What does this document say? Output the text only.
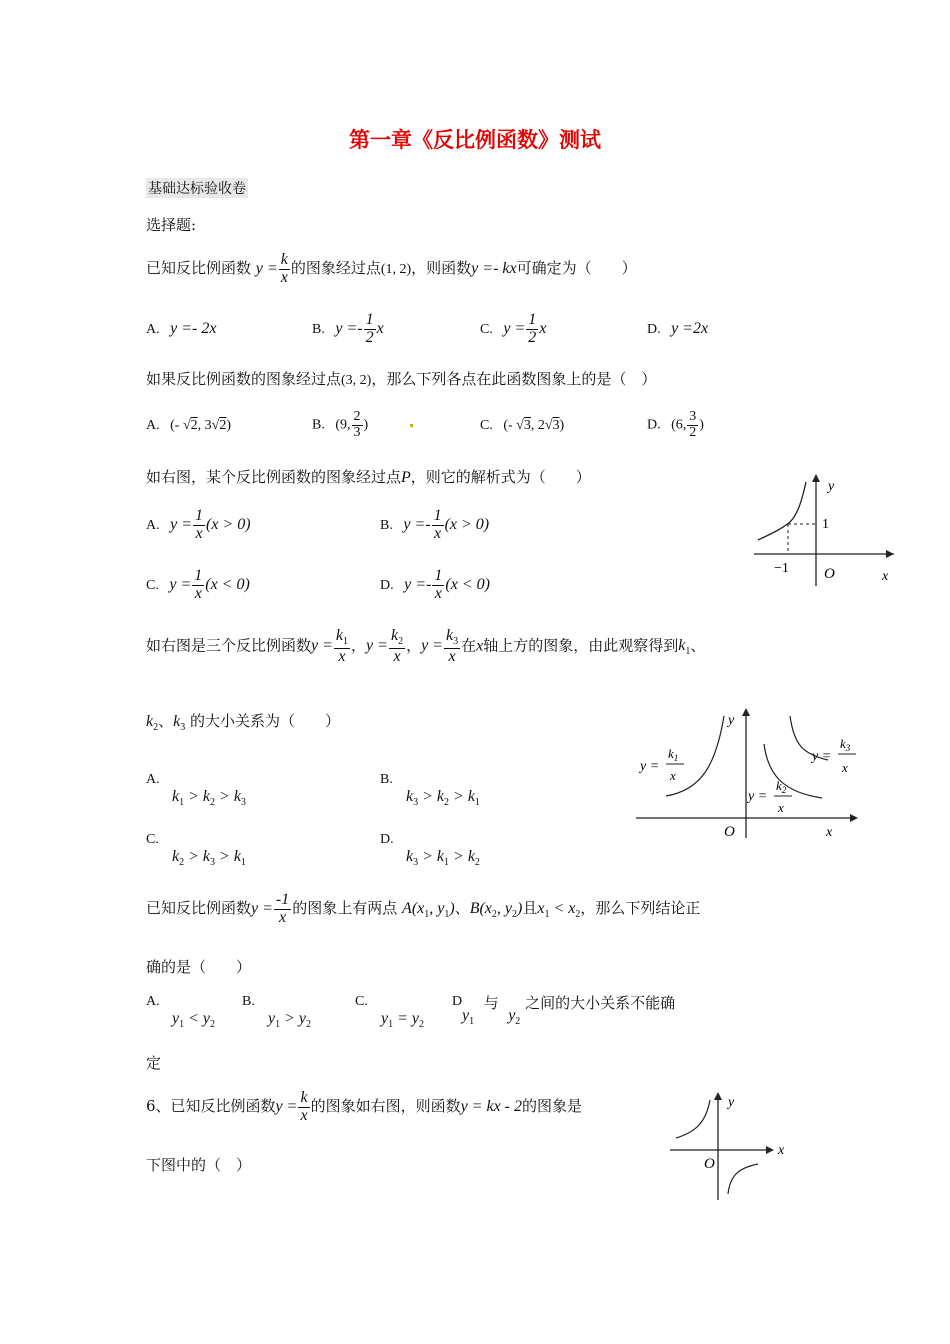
第一章《反比例函数》测试
基础达标验收卷
选择题:
已知反比例函数 $y = \frac{k}{x}$ 的图象经过点(1, 2)，则函数y =- kx可确定为（　　）
A. y =- 2x	B. $y =- \frac{1}{2}$ x	C. $y = \frac{1}{2}$ x	D. y =2x
如果反比例函数的图象经过点(3, 2)，那么下列各点在此函数图象上的是（　）
A.   (- √2, 3√2)	B.   (9, $\frac{2}{3}$ )	C.   (- √3, 2√3)	D.   (6, $\frac{3}{2}$ )
如右图，某个反比例函数的图象经过点P，则它的解析式为（　　）
A. $y = \frac{1}{x} (x > 0)$	B. $y =- \frac{1}{x} (x > 0)$
C. $y = \frac{1}{x} (x < 0)$	D. $y =- \frac{1}{x} (x < 0)$
y
1
−1 O	x
如右图是三个反比例函数$y = \frac{k_1}{x}$ ，$y = \frac{k_2}{x}$ ，$y = \frac{k_3}{x}$ 在x轴上方的图象，由此观察得到$k_1$、
$k_2$、$k_3$ 的大小关系为（　　）
A.
$k_1 > k_2 > k_3$
B.
$k_3 > k_2 > k_1$
C.
$k_2 > k_3 > k_1$
D.
$k_3 > k_1 > k_2$
y =
$k_1$
x
y =
$k_2$
x
y =
$k_3$
x
y
O	x
已知反比例函数$y = \frac{-1}{x}$ 的图象上有两点 $A(x_1$, $y_1$)、$B(x_2$, $y_2$)且$x_1 < x_2$，那么下列结论正
确的是（　　）
A.
$y_1 < y_2$
B.
$y_1 > y_2$
C.
$y_1 = y_2$
D
$y_1$  与  $y_2$ 之间的大小关系不能确
定
6、已知反比例函数$y = \frac{k}{x}$ 的图象如右图，则函数y = kx - 2的图象是
下图中的（　）
y
O
x
